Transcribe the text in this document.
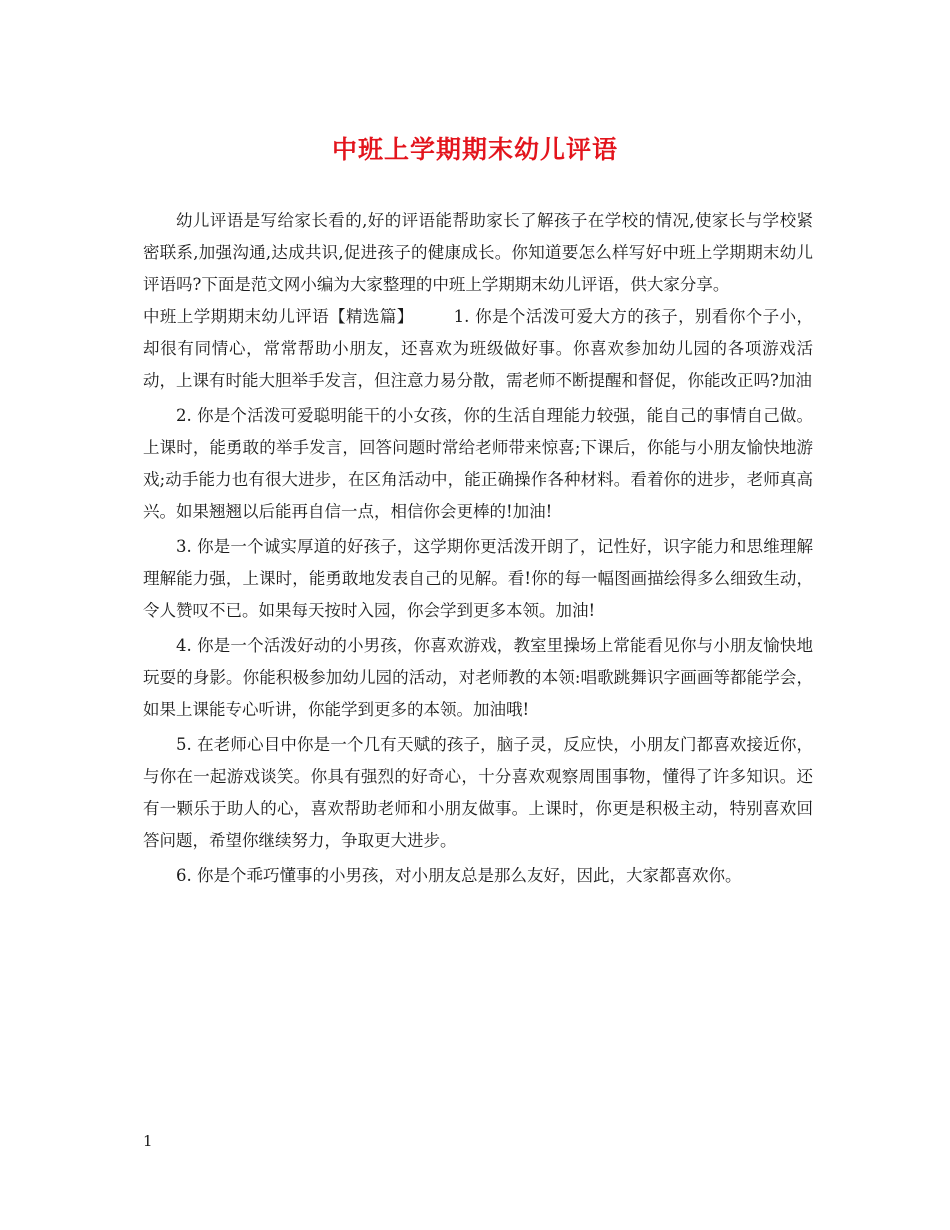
中班上学期期末幼儿评语

幼儿评语是写给家长看的,好的评语能帮助家长了解孩子在学校的情况,使家长与学校紧密联系,加强沟通,达成共识,促进孩子的健康成长。你知道要怎么样写好中班上学期期末幼儿评语吗?下面是范文网小编为大家整理的中班上学期期末幼儿评语，供大家分享。

中班上学期期末幼儿评语【精选篇】 1. 你是个活泼可爱大方的孩子，别看你个子小，却很有同情心，常常帮助小朋友，还喜欢为班级做好事。你喜欢参加幼儿园的各项游戏活动，上课有时能大胆举手发言，但注意力易分散，需老师不断提醒和督促，你能改正吗?加油

2. 你是个活泼可爱聪明能干的小女孩，你的生活自理能力较强，能自己的事情自己做。上课时，能勇敢的举手发言，回答问题时常给老师带来惊喜;下课后，你能与小朋友愉快地游戏;动手能力也有很大进步，在区角活动中，能正确操作各种材料。看着你的进步，老师真高兴。如果翘翘以后能再自信一点，相信你会更棒的!加油!

3. 你是一个诚实厚道的好孩子，这学期你更活泼开朗了，记性好，识字能力和思维理解理解能力强，上课时，能勇敢地发表自己的见解。看!你的每一幅图画描绘得多么细致生动，令人赞叹不已。如果每天按时入园，你会学到更多本领。加油!

4. 你是一个活泼好动的小男孩，你喜欢游戏，教室里操场上常能看见你与小朋友愉快地玩耍的身影。你能积极参加幼儿园的活动，对老师教的本领:唱歌跳舞识字画画等都能学会，如果上课能专心听讲，你能学到更多的本领。加油哦!

5. 在老师心目中你是一个几有天赋的孩子，脑子灵，反应快，小朋友门都喜欢接近你，与你在一起游戏谈笑。你具有强烈的好奇心，十分喜欢观察周围事物，懂得了许多知识。还有一颗乐于助人的心，喜欢帮助老师和小朋友做事。上课时，你更是积极主动，特别喜欢回答问题，希望你继续努力，争取更大进步。

6. 你是个乖巧懂事的小男孩，对小朋友总是那么友好，因此，大家都喜欢你。

1
